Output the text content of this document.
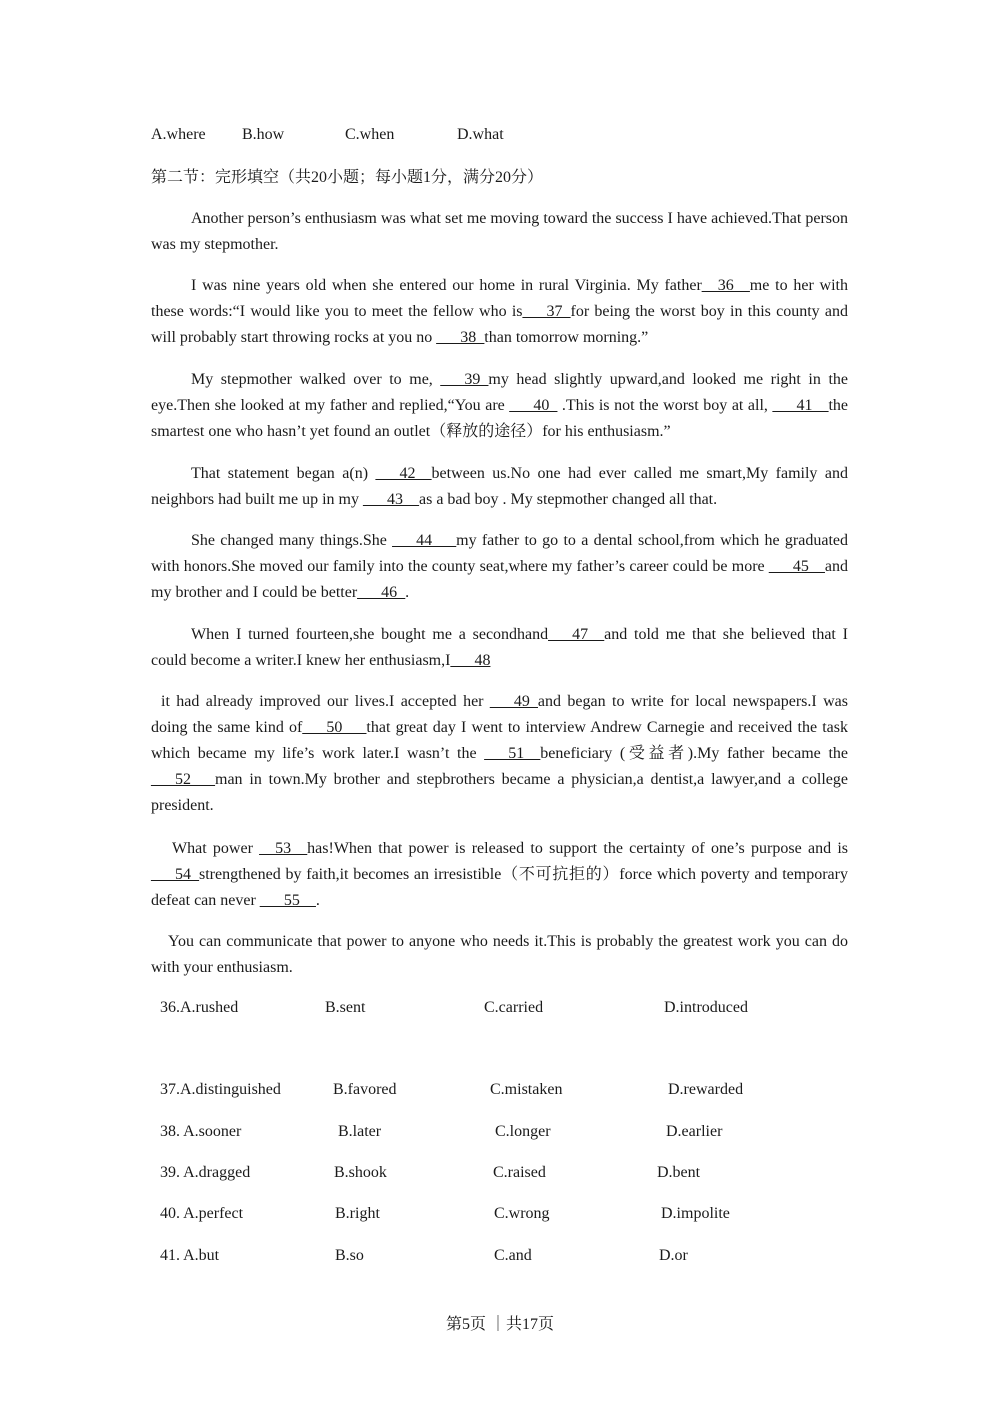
A.where B.how	C.when	D.what

第二节：完形填空（共20小题；每小题1分，满分20分）

Another person’s enthusiasm was what set me moving toward the success I have achieved.That person was my stepmother.

I was nine years old when she entered our home in rural Virginia. My father__36__me to her with these words:“I would like you to meet the fellow who is___37_for being the worst boy in this county and will probably start throwing rocks at you no ___38_than tomorrow morning.”

My stepmother walked over to me, ___39_my head slightly upward,and looked me right in the eye.Then she looked at my father and replied,“You are ___40_ .This is not the worst boy at all, ___41__the smartest one who hasn’t yet found an outlet（释放的途径）for his enthusiasm.”

That statement began a(n) ___42__between us.No one had ever called me smart,My family and neighbors had built me up in my ___43__as a bad boy . My stepmother changed all that.

She changed many things.She ___44___my father to go to a dental school,from which he graduated with honors.She moved our family into the county seat,where my father’s career could be more ___45__and my brother and I could be better___46_.

When I turned fourteen,she bought me a secondhand___47__and told me that she believed that I could become a writer.I knew her enthusiasm,I___48

it had already improved our lives.I accepted her ___49_and began to write for local newspapers.I was doing the same kind of___50___that great day I went to interview Andrew Carnegie and received the task which became my life’s work later.I wasn’t the ___51__beneficiary (受益者).My father became the ___52___man in town.My brother and stepbrothers became a physician,a dentist,a lawyer,and a college president.

What power __53__has!When that power is released to support the certainty of one’s purpose and is ___54_strengthened by faith,it becomes an irresistible（不可抗拒的）force which poverty and temporary defeat can never ___55__.

You can communicate that power to anyone who needs it.This is probably the greatest work you can do with your enthusiasm.

36.A.rushed	B.sent	C.carried	D.introduced
37.A.distinguished	B.favored	C.mistaken	D.rewarded
38. A.sooner	B.later	C.longer	D.earlier
39. A.dragged	B.shook	C.raised	D.bent
40. A.perfect	B.right	C.wrong	D.impolite
41. A.but	B.so	C.and	D.or
第5页 ｜共17页
